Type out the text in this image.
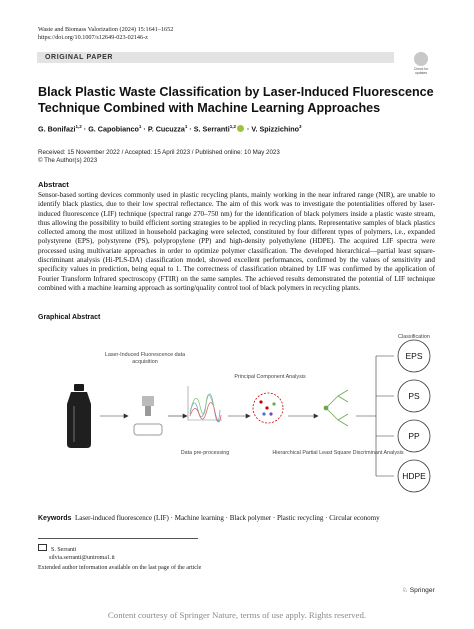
Waste and Biomass Valorization (2024) 15:1641–1652
https://doi.org/10.1007/s12649-023-02146-z
ORIGINAL PAPER
Check for updates
Black Plastic Waste Classification by Laser-Induced Fluorescence Technique Combined with Machine Learning Approaches
G. Bonifazi$^{1,2}$ · G. Capobianco$^1$ · P. Cucuzza$^1$ · S. Serranti$^{1,2}$ · V. Spizzichino$^3$
Received: 15 November 2022 / Accepted: 15 April 2023 / Published online: 10 May 2023
© The Author(s) 2023
Abstract
Sensor-based sorting devices commonly used in plastic recycling plants, mainly working in the near infrared range (NIR), are unable to identify black plastics, due to their low spectral reflectance. The aim of this work was to investigate the potentialities offered by laser-induced fluorescence (LIF) technique (spectral range 270–750 nm) for the identification of black polymers inside a plastic waste stream, thus allowing the possibility to build efficient sorting strategies to be applied in recycling plants. Representative samples of black plastics collected among the most utilized in household packaging were selected, constituted by four different types of polymers, i.e., expanded polystyrene (EPS), polystyrene (PS), polypropylene (PP) and high-density polyethylene (HDPE). The acquired LIF spectra were processed using multivariate approaches in order to optimize polymer classification. The developed hierarchical—partial least square-discriminant analysis (Hi-PLS-DA) classification model, showed excellent performances, confirmed by the values of sensitivity and specificity values in prediction, being equal to 1. The correctness of classification obtained by LIF was confirmed by the application of Fourier Transform Infrared spectroscopy (FTIR) on the same samples. The achieved results demonstrated the potential of LIF technique combined with a machine learning approach as sorting/quality control tool of black polymers in recycling plants.
Graphical Abstract
Laser-Induced Fluorescence data acquisition
Data pre-processing
Principal Component Analysis
Hierarchical Partial Least Square Discriminant Analysis
Classification
EPS
PS
PP
HDPE
Keywords Laser-induced fluorescence (LIF) · Machine learning · Black polymer · Plastic recycling · Circular economy
S. Serranti
silvia.serranti@uniroma1.it
Extended author information available on the last page of the article
♘ Springer
Content courtesy of Springer Nature, terms of use apply. Rights reserved.
